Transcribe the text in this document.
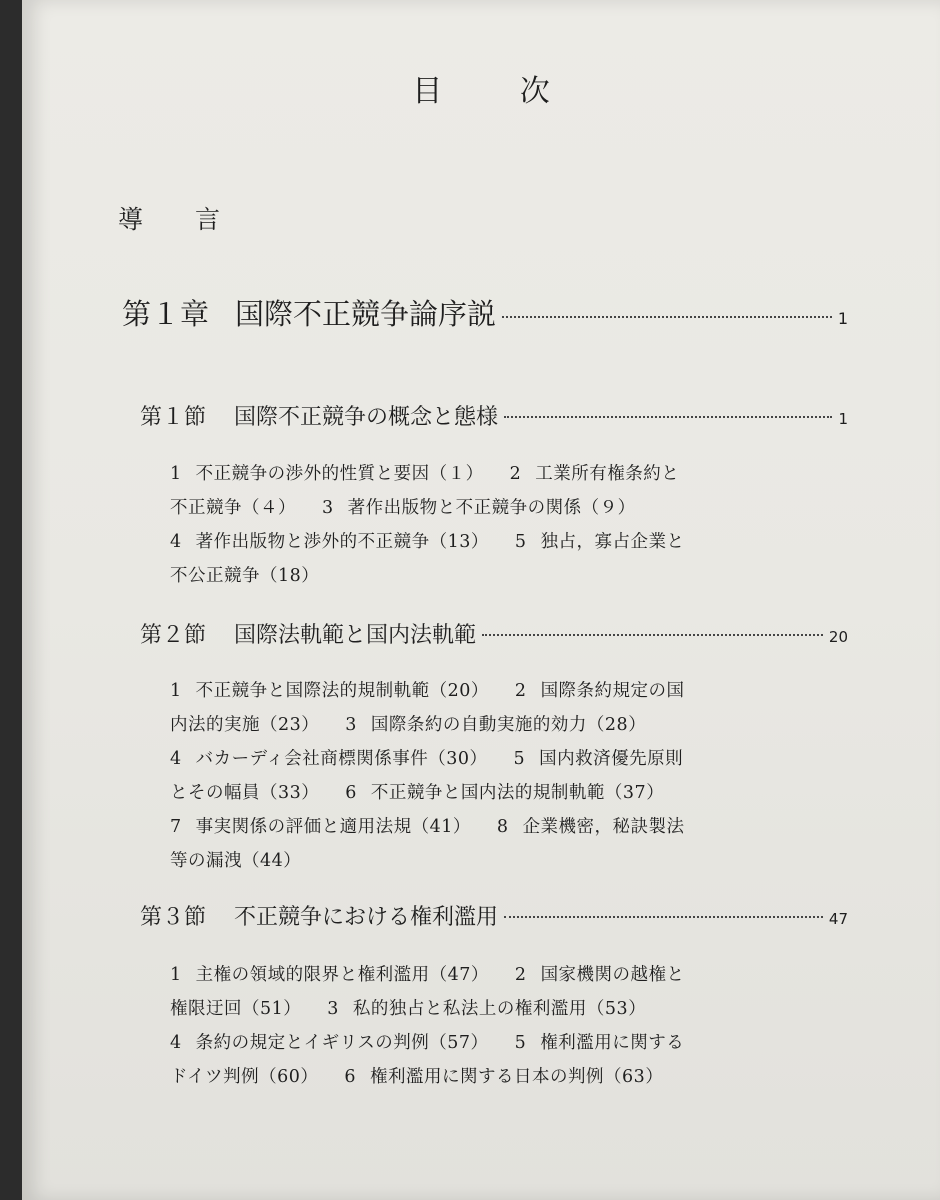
目 次
導 言
第１章 国際不正競争論序説	1
第１節 国際不正競争の概念と態様	1
1 不正競争の渉外的性質と要因（１） 2 工業所有権条約と
不正競争（４） 3 著作出版物と不正競争の関係（９）
4 著作出版物と渉外的不正競争（13） 5 独占，寡占企業と
不公正競争（18）
第２節 国際法軌範と国内法軌範	20
1 不正競争と国際法的規制軌範（20） 2 国際条約規定の国
内法的実施（23） 3 国際条約の自動実施的効力（28）
4 バカーディ会社商標関係事件（30） 5 国内救済優先原則
とその幅員（33） 6 不正競争と国内法的規制軌範（37）
7 事実関係の評価と適用法規（41） 8 企業機密，秘訣製法
等の漏洩（44）
第３節 不正競争における権利濫用	47
1 主権の領域的限界と権利濫用（47） 2 国家機関の越権と
権限迂回（51） 3 私的独占と私法上の権利濫用（53）
4 条約の規定とイギリスの判例（57） 5 権利濫用に関する
ドイツ判例（60） 6 権利濫用に関する日本の判例（63）
